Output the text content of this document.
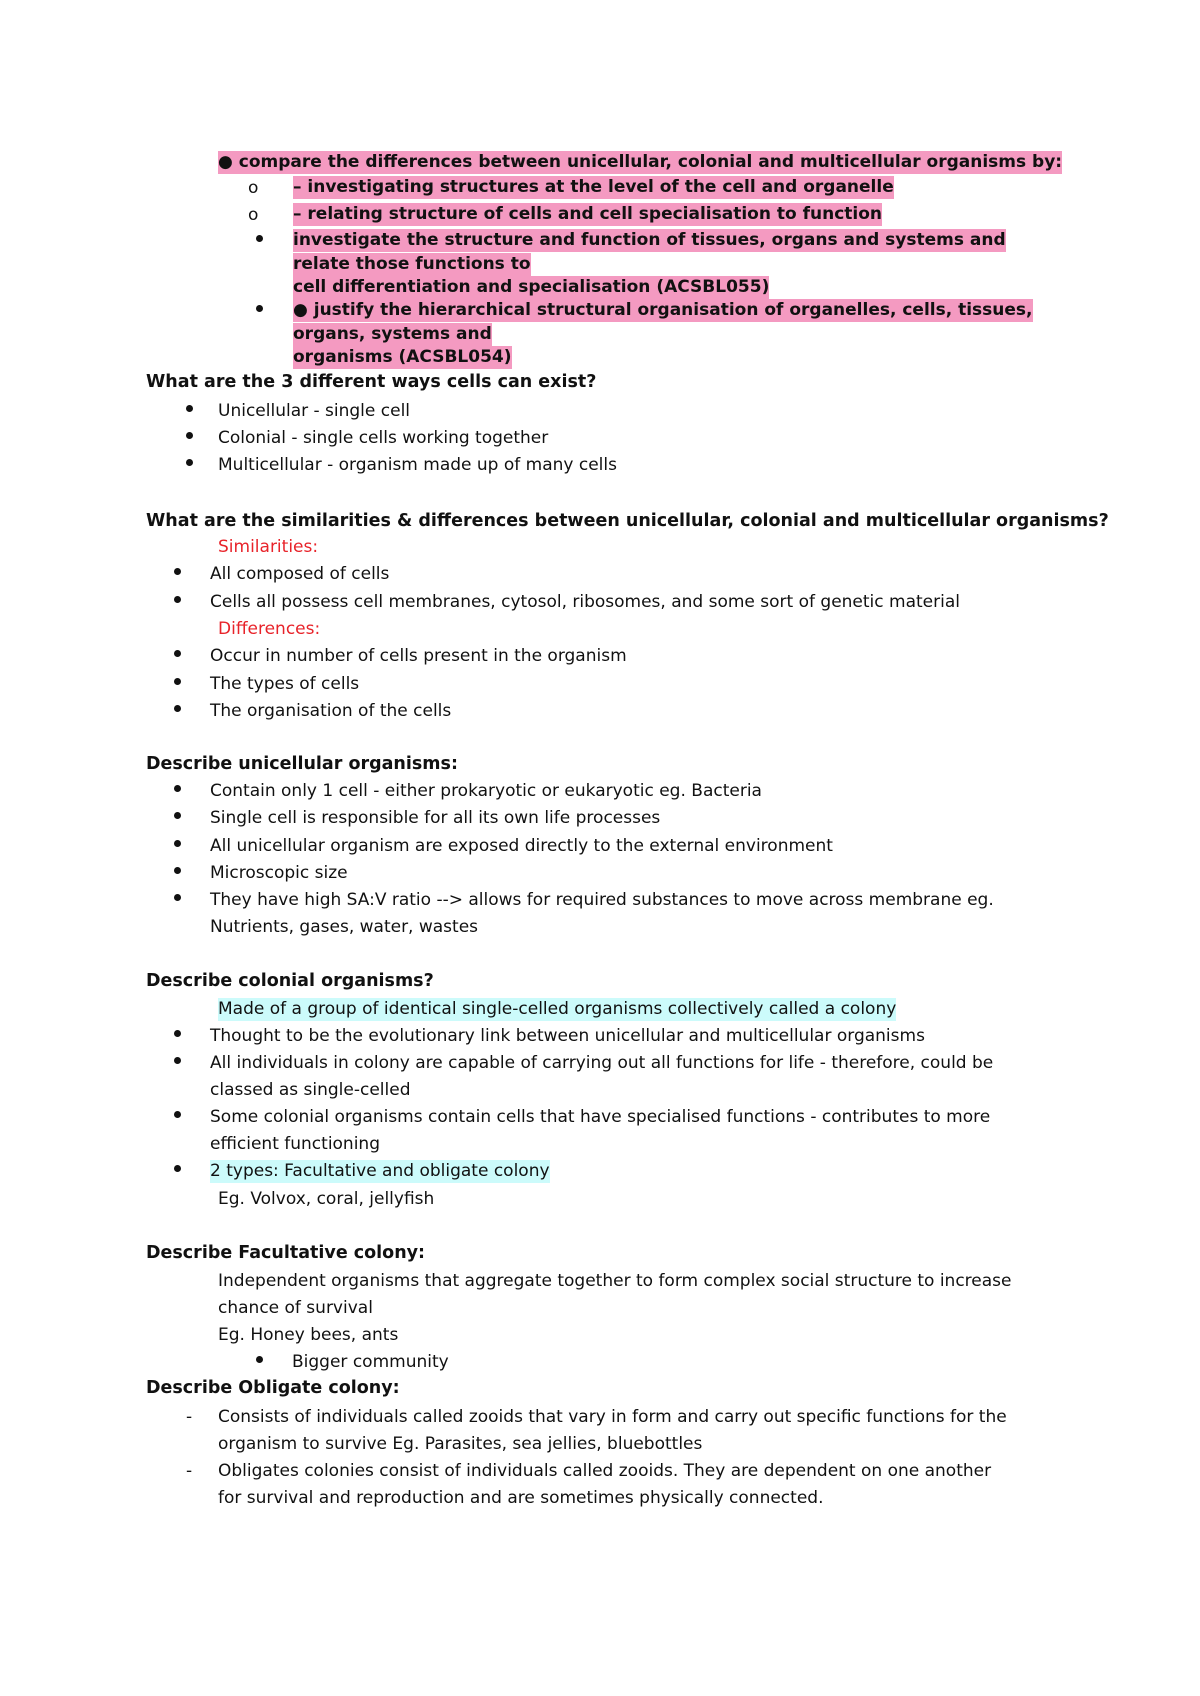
● compare the differences between unicellular, colonial and multicellular organisms by:
o – investigating structures at the level of the cell and organelle
o – relating structure of cells and cell specialisation to function
investigate the structure and function of tissues, organs and systems and
relate those functions to
cell differentiation and specialisation (ACSBL055)
● justify the hierarchical structural organisation of organelles, cells, tissues,
organs, systems and
organisms (ACSBL054)
What are the 3 different ways cells can exist?
Unicellular - single cell
Colonial - single cells working together
Multicellular - organism made up of many cells
What are the similarities & differences between unicellular, colonial and multicellular organisms?
Similarities:
All composed of cells
Cells all possess cell membranes, cytosol, ribosomes, and some sort of genetic material
Differences:
Occur in number of cells present in the organism
The types of cells
The organisation of the cells
Describe unicellular organisms:
Contain only 1 cell - either prokaryotic or eukaryotic eg. Bacteria
Single cell is responsible for all its own life processes
All unicellular organism are exposed directly to the external environment
Microscopic size
They have high SA:V ratio --> allows for required substances to move across membrane eg.
Nutrients, gases, water, wastes
Describe colonial organisms?
Made of a group of identical single-celled organisms collectively called a colony
Thought to be the evolutionary link between unicellular and multicellular organisms
All individuals in colony are capable of carrying out all functions for life - therefore, could be
classed as single-celled
Some colonial organisms contain cells that have specialised functions - contributes to more
efficient functioning
2 types: Facultative and obligate colony
Eg. Volvox, coral, jellyfish
Describe Facultative colony:
Independent organisms that aggregate together to form complex social structure to increase
chance of survival
Eg. Honey bees, ants
Bigger community
Describe Obligate colony:
- Consists of individuals called zooids that vary in form and carry out specific functions for the
organism to survive Eg. Parasites, sea jellies, bluebottles
- Obligates colonies consist of individuals called zooids. They are dependent on one another
for survival and reproduction and are sometimes physically connected.
